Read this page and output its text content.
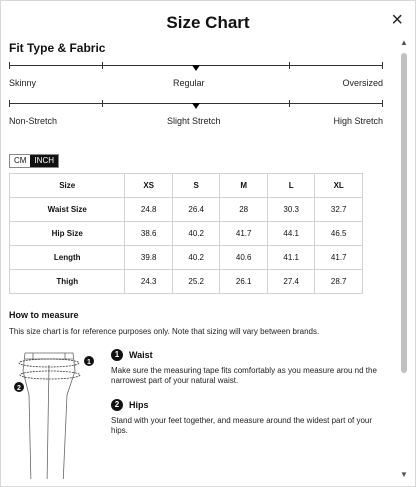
Size Chart	×
Fit Type & Fabric
Skinny	Regular	Oversized
Non-Stretch	Slight Stretch	High Stretch
CM	INCH
Size	XS	S	M	L	XL
Waist Size	24.8	26.4	28	30.3	32.7
Hip Size	38.6	40.2	41.7	44.1	46.5
Length	39.8	40.2	40.6	41.1	41.7
Thigh	24.3	25.2	26.1	27.4	28.7
How to measure
This size chart is for reference purposes only. Note that sizing will vary between brands.
1
2
1	Waist
Make sure the measuring tape fits comfortably as you measure arou nd the narrowest part of your natural waist.
2	Hips
Stand with your feet together, and measure around the widest part of your hips.
▲
▼
